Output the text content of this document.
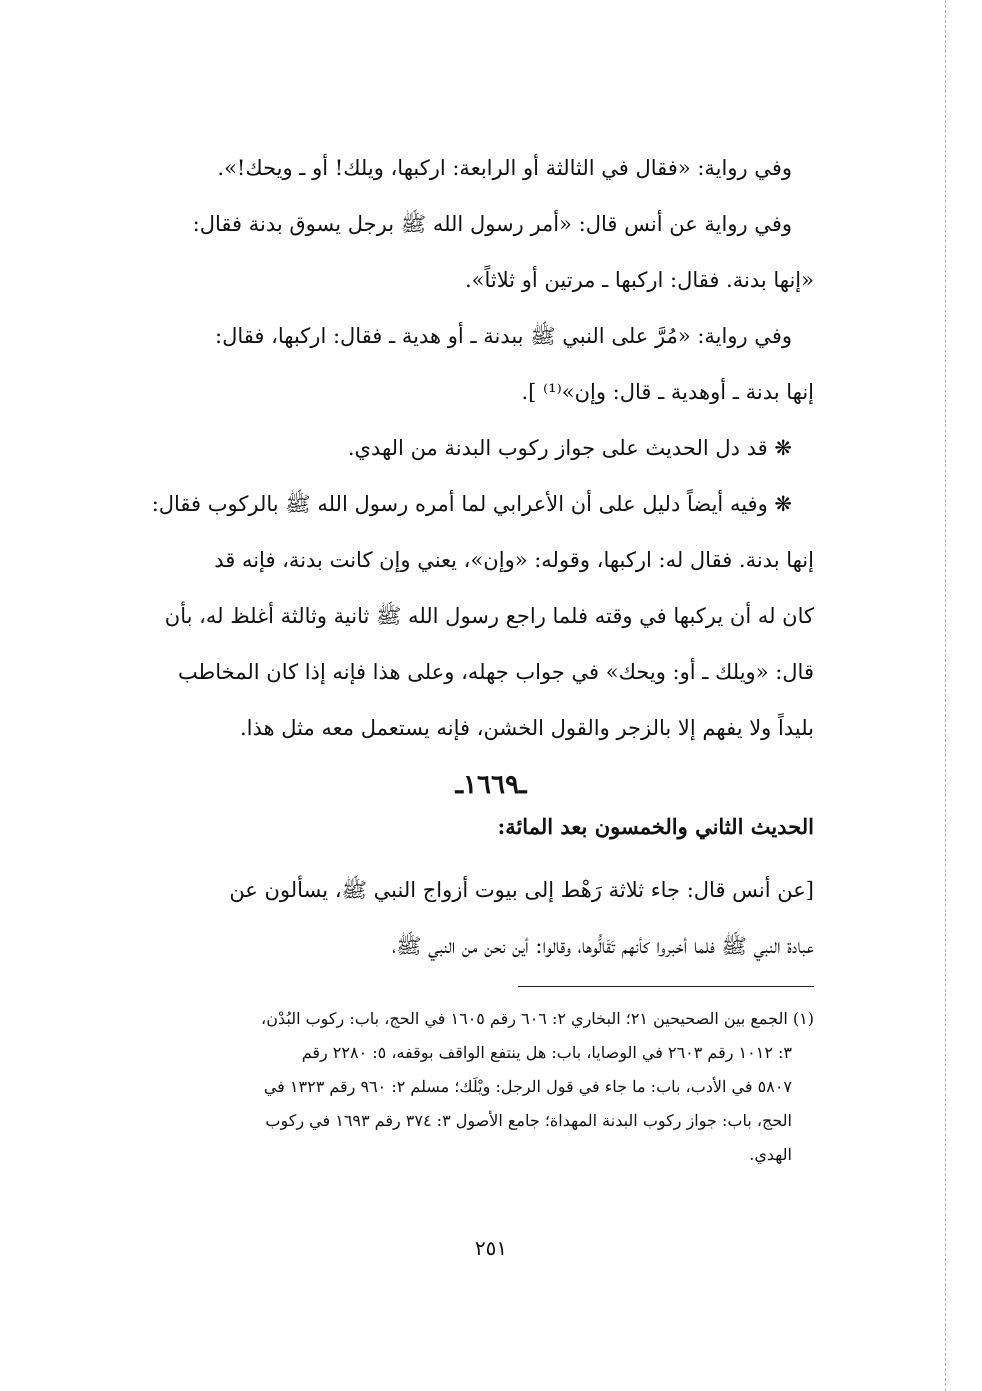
وفي رواية: «فقال في الثالثة أو الرابعة: اركبها، ويلك! أو ـ ويحك!».
وفي رواية عن أنس قال: «أمر رسول الله ﷺ برجل يسوق بدنة فقال:
«إنها بدنة. فقال: اركبها ـ مرتين أو ثلاثاً».
وفي رواية: «مُرَّ على النبي ﷺ ببدنة ـ أو هدية ـ فقال: اركبها، فقال:
إنها بدنة ـ أوهدية ـ قال: وإن»⁽¹⁾ ].
❋ قد دل الحديث على جواز ركوب البدنة من الهدي.
❋ وفيه أيضاً دليل على أن الأعرابي لما أمره رسول الله ﷺ بالركوب فقال:
إنها بدنة. فقال له: اركبها، وقوله: «وإن»، يعني وإن كانت بدنة، فإنه قد
كان له أن يركبها في وقته فلما راجع رسول الله ﷺ ثانية وثالثة أغلظ له، بأن
قال: «ويلك ـ أو: ويحك» في جواب جهله، وعلى هذا فإنه إذا كان المخاطب
بليداً ولا يفهم إلا بالزجر والقول الخشن، فإنه يستعمل معه مثل هذا.
ـ١٦٦٩ـ
الحديث الثاني والخمسون بعد المائة:
[عن أنس قال: جاء ثلاثة رَهْط إلى بيوت أزواج النبي ﷺ، يسألون عن
عبادة النبي ﷺ فلما أخبروا كأنهم تَقَالُّوها، وقالوا: أين نحن من النبي ﷺ،
(١) الجمع بين الصحيحين ٢١؛ البخاري ٢: ٦٠٦ رقم ١٦٠٥ في الحج، باب: ركوب البُدْن،
٣: ١٠١٢ رقم ٢٦٠٣ في الوصايا، باب: هل ينتفع الواقف بوقفه، ٥: ٢٢٨٠ رقم
٥٨٠٧ في الأدب، باب: ما جاء في قول الرجل: ويْلَك؛ مسلم ٢: ٩٦٠ رقم ١٣٢٣ في
الحج، باب: جواز ركوب البدنة المهداة؛ جامع الأصول ٣: ٣٧٤ رقم ١٦٩٣ في ركوب
الهدي.
٢٥١
